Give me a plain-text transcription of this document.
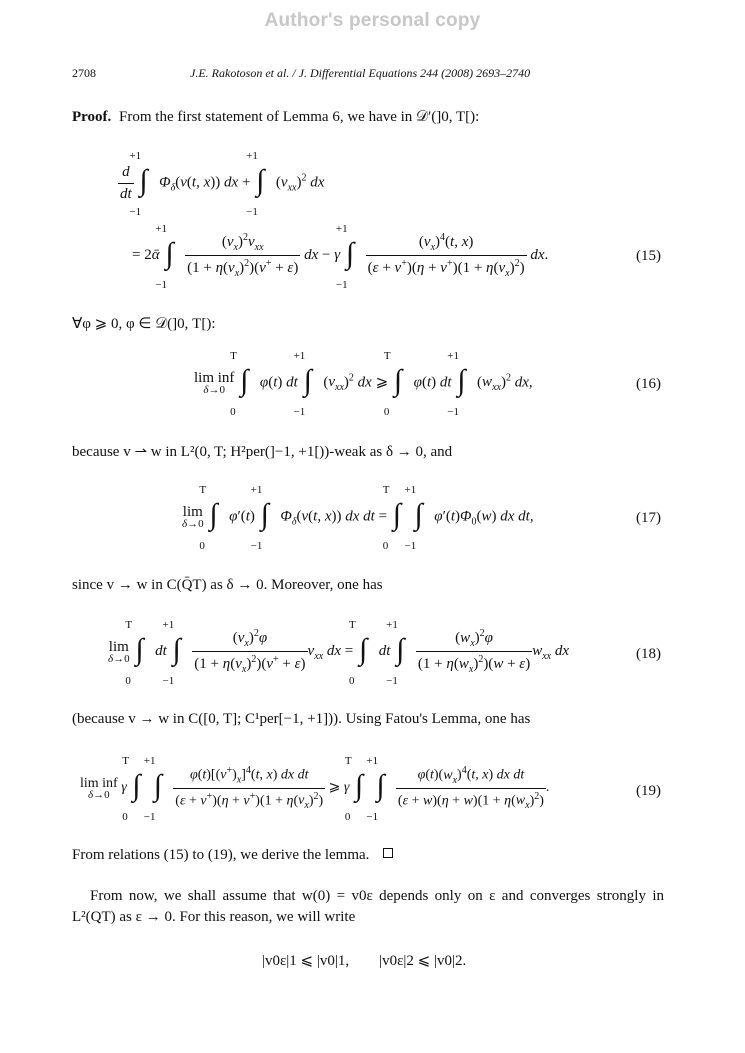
Author's personal copy
2708	J.E. Rakotoson et al. / J. Differential Equations 244 (2008) 2693–2740
Proof. From the first statement of Lemma 6, we have in 𝒟′(]0, T[):
$\frac{d}{dt}$
∫
+1
−1
$\Phi_\delta(v(t$, x)) dx + ∫
+1
−1
$(v_{xx})^2$ dx
= 2ᾱ ∫
+1
−1

$\frac{(v_x)^2v_{xx}}{(1 + \eta(v_x)^2)(v^+ + \varepsilon)}$ dx − γ ∫
+1
−1

$\frac{(v_x)^4(t, x)}{(\varepsilon + v^+)(\eta + v^+)(1 + \eta(v_x)^2)}$ dx.	(15)
∀φ ⩾ 0, φ ∈ 𝒟(]0, T[):
lim inf
δ→0
∫
T
0
φ(t) dt ∫
+1
−1
$(v_{xx})^2$ dx ⩾ ∫
T
0
φ(t) dt ∫
+1
−1
$(w_{xx})^2$ dx,	(16)
because v ⇀ w in L²(0, T; H²per(]−1, +1[))-weak as δ → 0, and
lim
δ→0
∫
T
0
φ′(t) ∫
+1
−1
$\Phi_\delta(v(t$, x)) dx dt = ∫
T
0

∫
+1
−1
$\varphi'(t)\Phi_0(w)$ dx dt,	(17)
since v → w in C(Q̄T) as δ → 0. Moreover, one has
lim
δ→0
∫
T
0
dt ∫
+1
−1

$\frac{(v_x)^2\varphi}{(1 + \eta(v_x)^2)(v^+ + \varepsilon)} v_{xx}$ dx = ∫
T
0
dt ∫
+1
−1

$\frac{(w_x)^2\varphi}{(1 + \eta(w_x)^2)(w + \varepsilon)} w_{xx}$ dx	(18)
(because v → w in C([0, T]; C¹per[−1, +1])). Using Fatou's Lemma, one has
lim inf
δ→0 γ ∫
T
0

∫
+1
−1

$\frac{\varphi(t)[(v^+)_x]^4(t, x) dx dt}{(\varepsilon + v^+)(\eta + v^+)(1 + \eta(v_x)^2)}$ ⩾ γ ∫
T
0

∫
+1
−1

$\frac{\varphi(t)(w_x)^4(t, x) dx dt}{(\varepsilon + w)(\eta + w)(1 + \eta(w_x)^2)}$ .	(19)
From relations (15) to (19), we derive the lemma.
From now, we shall assume that w(0) = v0ε depends only on ε and converges strongly in
L²(QT) as ε → 0. For this reason, we will write
|v0ε|1 ⩽ |v0|1,        |v0ε|2 ⩽ |v0|2.
